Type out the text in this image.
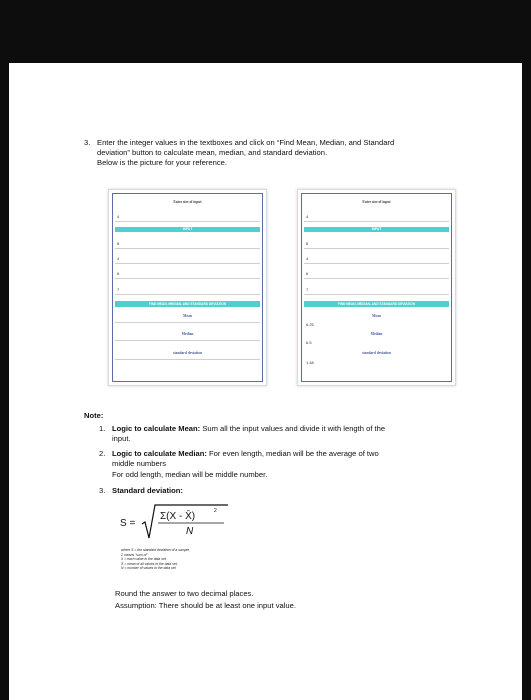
3. Enter the integer values in the textboxes and click on “Find Mean, Median, and Standard
deviation” button to calculate mean, median, and standard deviation.
Below is the picture for your reference.
Enter size of input
4
INPUT
8
4
6
7
FIND MEAN, MEDIAN, AND STANDARD DEVIATION
Mean
Median
standard deviation
Enter size of input
4
INPUT
8
4
6
7
FIND MEAN, MEDIAN, AND STANDARD DEVIATION
Mean
6.25
Median
6.5
standard deviation
1.48
Note:
1. Logic to calculate Mean: Sum all the input values and divide it with length of the
input.
2. Logic to calculate Median: For even length, median will be the average of two
middle numbers
For odd length, median will be middle number.
3. Standard deviation:
S =
Σ(X - X̄)	2
N
where S = the standard deviation of a sample,
Σ means "sum of"
X = each value in the data set,
X̄ = mean of all values in the data set,
N = number of values in the data set.
Round the answer to two decimal places.
Assumption: There should be at least one input value.
